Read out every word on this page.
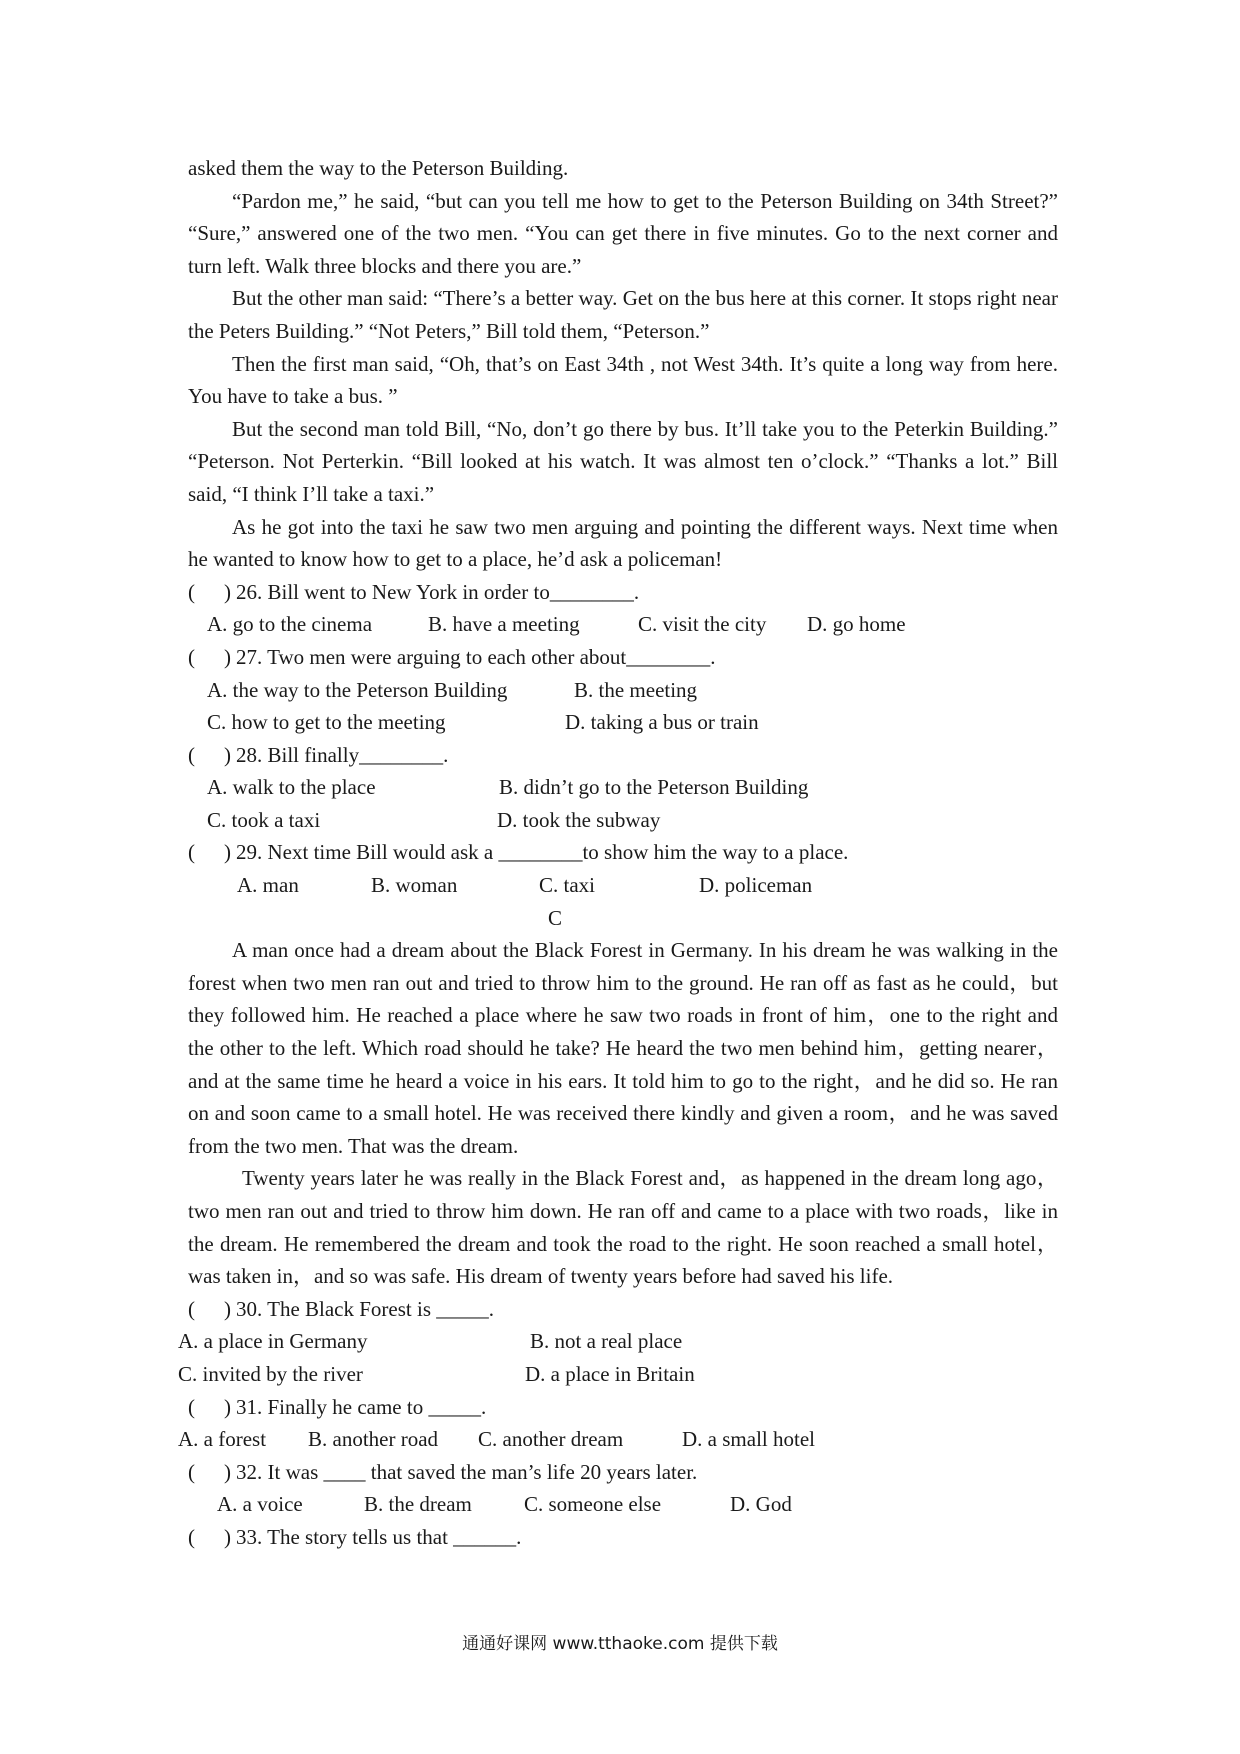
asked them the way to the Peterson Building.

“Pardon me,” he said, “but can you tell me how to get to the Peterson Building on 34th Street?” “Sure,” answered one of the two men. “You can get there in five minutes. Go to the next corner and turn left. Walk three blocks and there you are.”

But the other man said: “There’s a better way. Get on the bus here at this corner. It stops right near the Peters Building.” “Not Peters,” Bill told them, “Peterson.”

Then the first man said, “Oh, that’s on East 34th , not West 34th. It’s quite a long way from here. You have to take a bus. ”

But the second man told Bill, “No, don’t go there by bus. It’ll take you to the Peterkin Building.” “Peterson. Not Perterkin. “Bill looked at his watch. It was almost ten o’clock.” “Thanks a lot.” Bill said, “I think I’ll take a taxi.”

As he got into the taxi he saw two men arguing and pointing the different ways. Next time when he wanted to know how to get to a place, he’d ask a policeman!

( 26. Bill went to New York in order to________.
)
A. go to the cinema	B. have a meeting	C. visit the city D. go home
( 27. Two men were arguing to each other about________.
)
A. the way to the Peterson Building	B. the meeting
C. how to get to the meeting	D. taking a bus or train
( 28. Bill finally________.
)
A. walk to the place	B. didn’t go to the Peterson Building
C. took a taxi	D. took the subway
( 29. Next time Bill would ask a ________to show him the way to a place.
)
A. man	B. woman	C. taxi	D. policeman
C

A man once had a dream about the Black Forest in Germany. In his dream he was walking in the forest when two men ran out and tried to throw him to the ground. He ran off as fast as he could，but they followed him. He reached a place where he saw two roads in front of him，one to the right and the other to the left. Which road should he take? He heard the two men behind him，getting nearer，and at the same time he heard a voice in his ears. It told him to go to the right，and he did so. He ran on and soon came to a small hotel. He was received there kindly and given a room，and he was saved from the two men. That was the dream.

Twenty years later he was really in the Black Forest and，as happened in the dream long ago，two men ran out and tried to throw him down. He ran off and came to a place with two roads，like in the dream. He remembered the dream and took the road to the right. He soon reached a small hotel，was taken in，and so was safe. His dream of twenty years before had saved his life.

( 30. The Black Forest is _____.
)
A. a place in Germany	B. not a real place
C. invited by the river	D. a place in Britain
( 31. Finally he came to _____.
)
A. a forest B. another road C. another dream	D. a small hotel
( 32. It was ____ that saved the man’s life 20 years later.
)
A. a voice	B. the dream C. someone else	D. God
( 33. The story tells us that ______.
)
通通好课网 www.tthaoke.com 提供下载
